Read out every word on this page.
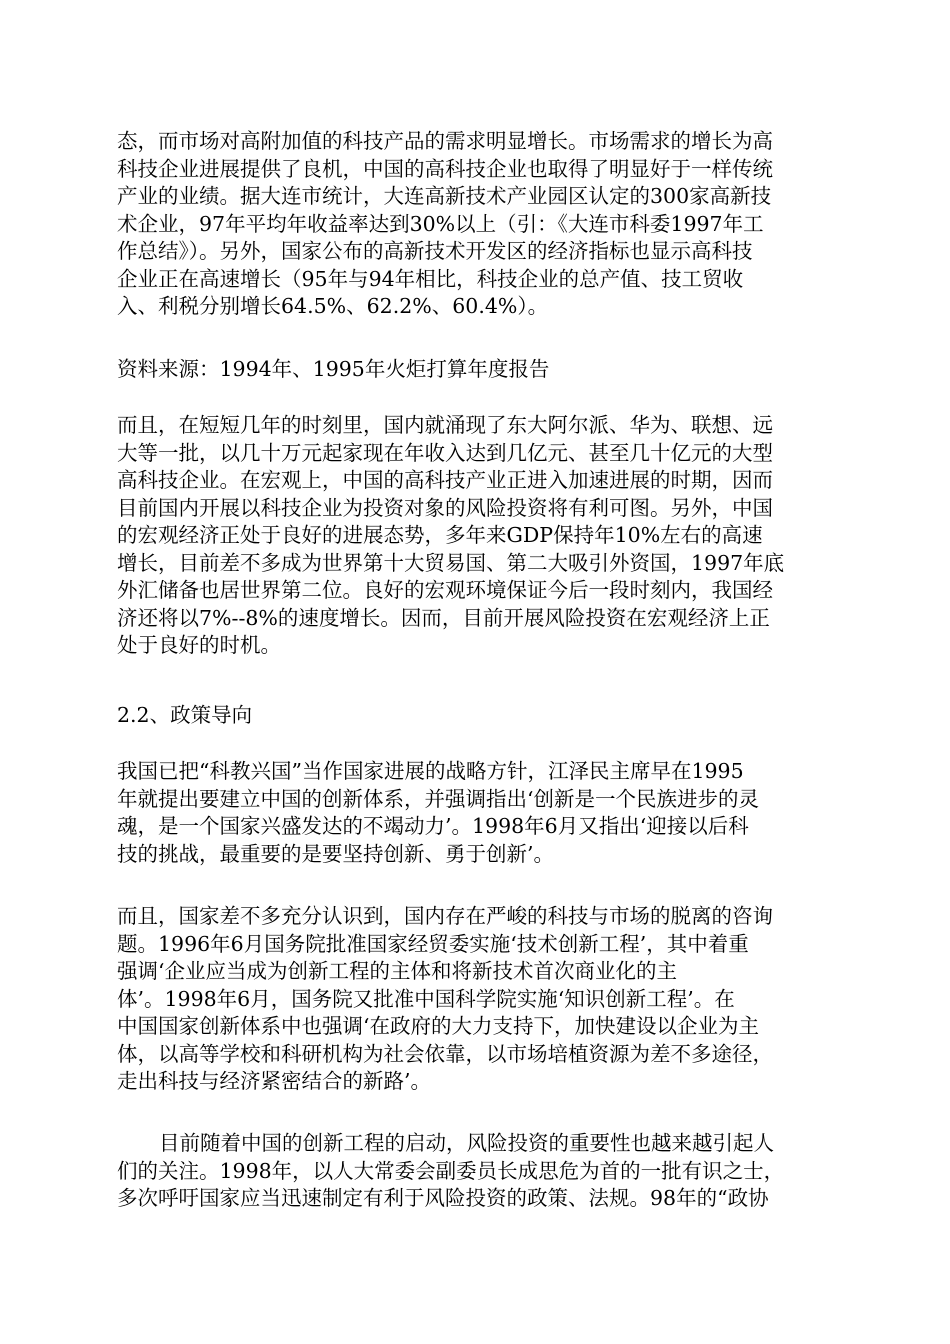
态，而市场对高附加值的科技产品的需求明显增长。市场需求的增长为高
科技企业进展提供了良机，中国的高科技企业也取得了明显好于一样传统
产业的业绩。据大连市统计，大连高新技术产业园区认定的300家高新技
术企业，97年平均年收益率达到30%以上（引：《大连市科委1997年工
作总结》）。另外，国家公布的高新技术开发区的经济指标也显示高科技
企业正在高速增长（95年与94年相比，科技企业的总产值、技工贸收
入、利税分别增长64.5%、62.2%、60.4%）。
资料来源：1994年、1995年火炬打算年度报告
而且，在短短几年的时刻里，国内就涌现了东大阿尔派、华为、联想、远
大等一批，以几十万元起家现在年收入达到几亿元、甚至几十亿元的大型
高科技企业。在宏观上，中国的高科技产业正进入加速进展的时期，因而
目前国内开展以科技企业为投资对象的风险投资将有利可图。另外，中国
的宏观经济正处于良好的进展态势，多年来GDP保持年10%左右的高速
增长，目前差不多成为世界第十大贸易国、第二大吸引外资国，1997年底
外汇储备也居世界第二位。良好的宏观环境保证今后一段时刻内，我国经
济还将以7%--8%的速度增长。因而，目前开展风险投资在宏观经济上正
处于良好的时机。
2.2、政策导向
我国已把“科教兴国”当作国家进展的战略方针，江泽民主席早在1995
年就提出要建立中国的创新体系，并强调指出‘创新是一个民族进步的灵
魂，是一个国家兴盛发达的不竭动力’。1998年6月又指出‘迎接以后科
技的挑战，最重要的是要坚持创新、勇于创新’。
而且，国家差不多充分认识到，国内存在严峻的科技与市场的脱离的咨询
题。1996年6月国务院批准国家经贸委实施‘技术创新工程’，其中着重
强调‘企业应当成为创新工程的主体和将新技术首次商业化的主
体’。1998年6月，国务院又批准中国科学院实施‘知识创新工程’。在
中国国家创新体系中也强调‘在政府的大力支持下，加快建设以企业为主
体，以高等学校和科研机构为社会依靠，以市场培植资源为差不多途径，
走出科技与经济紧密结合的新路’。
目前随着中国的创新工程的启动，风险投资的重要性也越来越引起人
们的关注。1998年，以人大常委会副委员长成思危为首的一批有识之士，
多次呼吁国家应当迅速制定有利于风险投资的政策、法规。98年的“政协
